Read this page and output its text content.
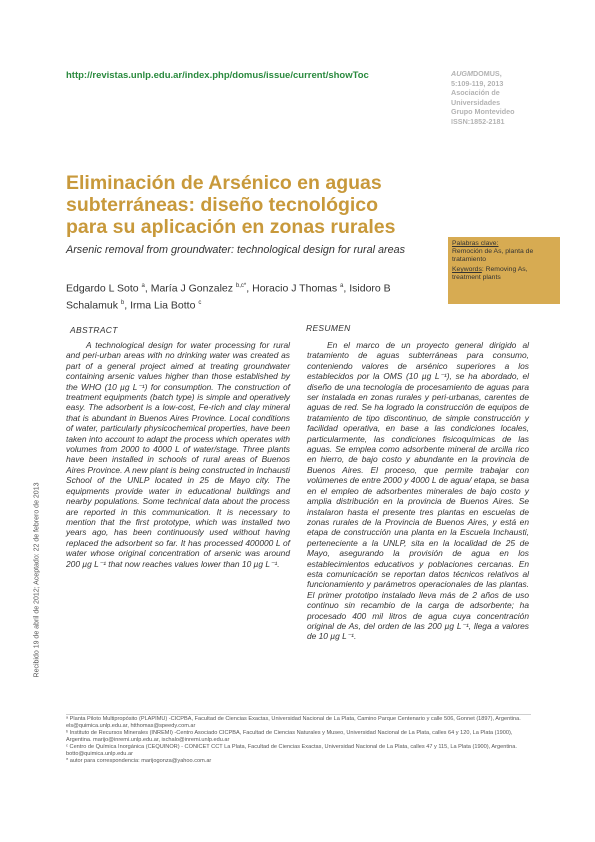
http://revistas.unlp.edu.ar/index.php/domus/issue/current/showToc	AUGMDOMUS,
5:109-119, 2013
Asociación de
Universidades
Grupo Montevideo
ISSN:1852-2181
Eliminación de Arsénico en aguas subterráneas: diseño tecnológico para su aplicación en zonas rurales

Arsenic removal from groundwater: technological design for rural areas

Edgardo L Soto $^a$, María J Gonzalez $^{b,c*}$, Horacio J Thomas $^a$, Isidoro B Schalamuk $^b$, Irma Lia Botto $^c$
Palabras clave:
Remoción de As, planta de tratamiento
Keywords: Removing As, treatment plants
Recibido 19 de abril de 2012; Aceptado: 22 de febrero de 2013
ABSTRACT

A technological design for water processing for rural and peri-urban areas with no drinking water was created as part of a general project aimed at treating groundwater containing arsenic values higher than those established by the WHO (10 µg L⁻¹) for consumption. The construction of treatment equipments (batch type) is simple and operatively easy. The adsorbent is a low-cost, Fe-rich and clay mineral that is abundant in Buenos Aires Province. Local conditions of water, particularly physicochemical properties, have been taken into account to adapt the process which operates with volumes from 2000 to 4000 L of water/stage. Three plants have been installed in schools of rural areas of Buenos Aires Province. A new plant is being constructed in Inchausti School of the UNLP located in 25 de Mayo city. The equipments provide water in educational buildings and nearby populations. Some technical data about the process are reported in this communication. It is necessary to mention that the first prototype, which was installed two years ago, has been continuously used without having replaced the adsorbent so far. It has processed 400000 L of water whose original concentration of arsenic was around 200 µg L⁻¹ that now reaches values lower than 10 µg L⁻¹.

RESUMEN

En el marco de un proyecto general dirigido al tratamiento de aguas subterráneas para consumo, conteniendo valores de arsénico superiores a los establecidos por la OMS (10 µg L⁻¹), se ha abordado, el diseño de una tecnología de procesamiento de aguas para ser instalada en zonas rurales y peri-urbanas, carentes de aguas de red. Se ha logrado la construcción de equipos de tratamiento de tipo discontinuo, de simple construcción y facilidad operativa, en base a las condiciones locales, particularmente, las condiciones fisicoquímicas de las aguas. Se emplea como adsorbente mineral de arcilla rico en hierro, de bajo costo y abundante en la provincia de Buenos Aires. El proceso, que permite trabajar con volúmenes de entre 2000 y 4000 L de agua/ etapa, se basa en el empleo de adsorbentes minerales de bajo costo y amplia distribución en la provincia de Buenos Aires. Se instalaron hasta el presente tres plantas en escuelas de zonas rurales de la Provincia de Buenos Aires, y está en etapa de construcción una planta en la Escuela Inchausti, perteneciente a la UNLP, sita en la localidad de 25 de Mayo, asegurando la provisión de agua en los establecimientos educativos y poblaciones cercanas. En esta comunicación se reportan datos técnicos relativos al funcionamiento y parámetros operacionales de las plantas. El primer prototipo instalado lleva más de 2 años de uso continuo sin recambio de la carga de adsorbente; ha procesado 400 mil litros de agua cuya concentración original de As, del orden de las 200 µg L⁻¹, llega a valores de 10 µg L⁻¹.

ᵃ Planta Piloto Multipropósito (PLAPIMU) -CICPBA, Facultad de Ciencias Exactas, Universidad Nacional de La Plata, Camino Parque Centenario y calle 506, Gonnet (1897), Argentina. els@quimica.unlp.edu.ar, htthomas@speedy.com.ar

ᵇ Instituto de Recursos Minerales (INREMI) -Centro Asociado CICPBA, Facultad de Ciencias Naturales y Museo, Universidad Nacional de La Plata, calles 64 y 120, La Plata (1900), Argentina. marijo@inremi.unlp.edu.ar, ischalo@inremi.unlp.edu.ar

ᶜ Centro de Química Inorgánica (CEQUINOR) - CONICET CCT La Plata, Facultad de Ciencias Exactas, Universidad Nacional de La Plata, calles 47 y 115, La Plata (1900), Argentina. botto@quimica.unlp.edu.ar

* autor para correspondencia: marijogonza@yahoo.com.ar
